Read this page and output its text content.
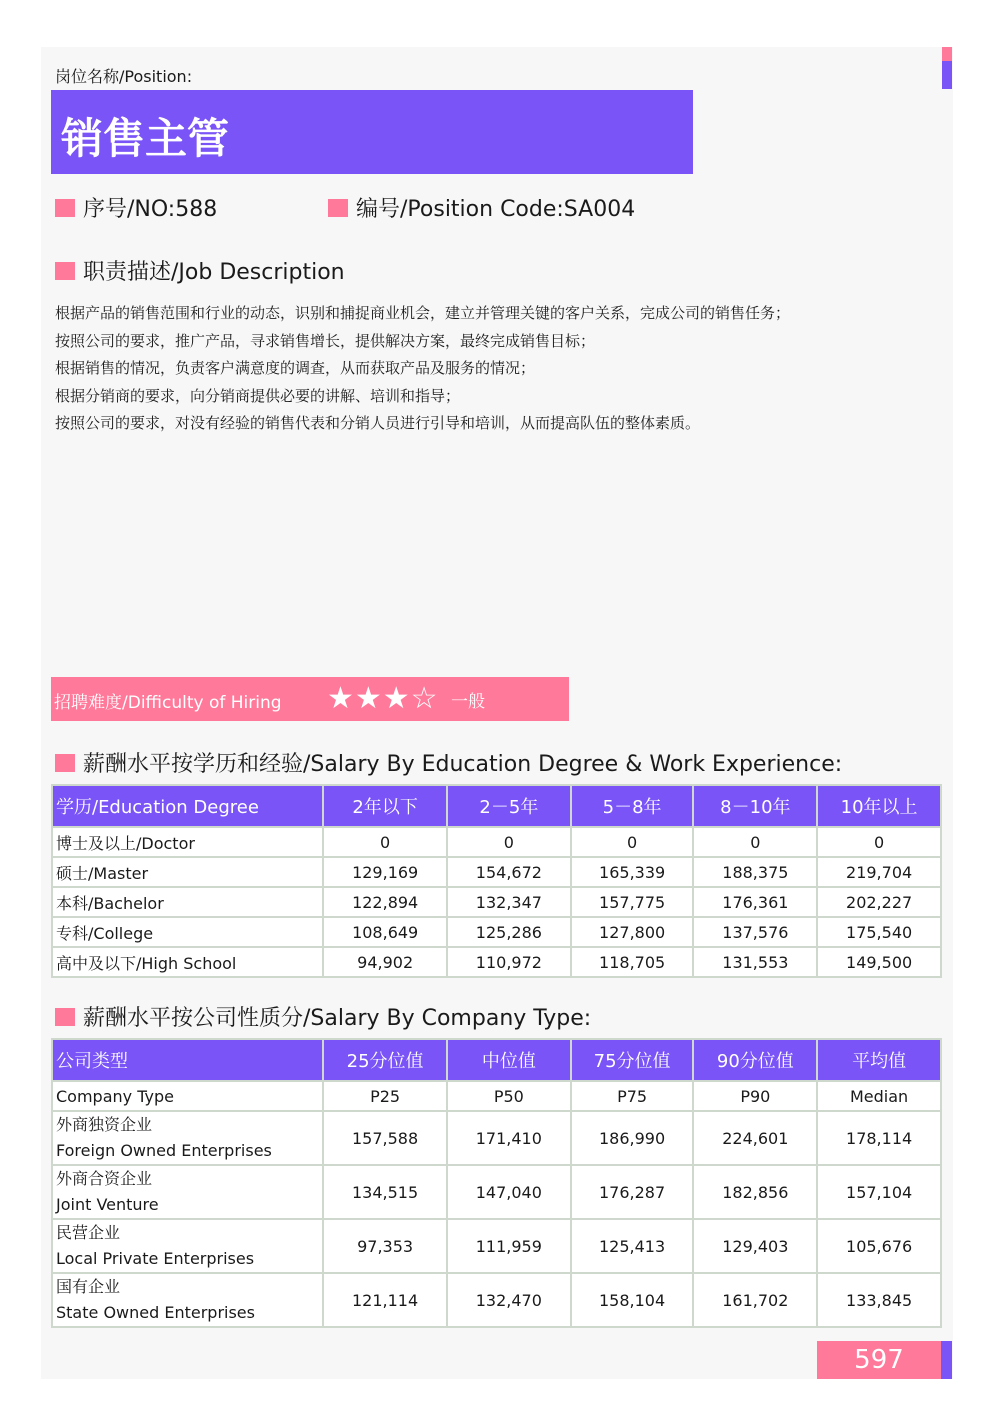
岗位名称/Position:
销售主管
序号/NO:588	编号/Position Code:SA004
职责描述/Job Description
根据产品的销售范围和行业的动态，识别和捕捉商业机会，建立并管理关键的客户关系，完成公司的销售任务；
按照公司的要求，推广产品，寻求销售增长，提供解决方案，最终完成销售目标；
根据销售的情况，负责客户满意度的调查，从而获取产品及服务的情况；
根据分销商的要求，向分销商提供必要的讲解、培训和指导；
按照公司的要求，对没有经验的销售代表和分销人员进行引导和培训，从而提高队伍的整体素质。
招聘难度/Difficulty of Hiring ★★★☆ 一般
薪酬水平按学历和经验/Salary By Education Degree & Work Experience:
学历/Education Degree	2年以下	2－5年	5－8年	8－10年	10年以上
博士及以上/Doctor	0	0	0	0	0
硕士/Master	129,169	154,672	165,339	188,375	219,704
本科/Bachelor	122,894	132,347	157,775	176,361	202,227
专科/College	108,649	125,286	127,800	137,576	175,540
高中及以下/High School	94,902	110,972	118,705	131,553	149,500
薪酬水平按公司性质分/Salary By Company Type:
公司类型	25分位值	中位值	75分位值	90分位值	平均值
Company Type	P25	P50	P75	P90	Median

外商独资企业
Foreign Owned Enterprises	157,588	171,410	186,990	224,601	178,114

外商合资企业
Joint Venture	134,515	147,040	176,287	182,856	157,104

民营企业
Local Private Enterprises	97,353	111,959	125,413	129,403	105,676

国有企业
State Owned Enterprises	121,114	132,470	158,104	161,702	133,845
597
